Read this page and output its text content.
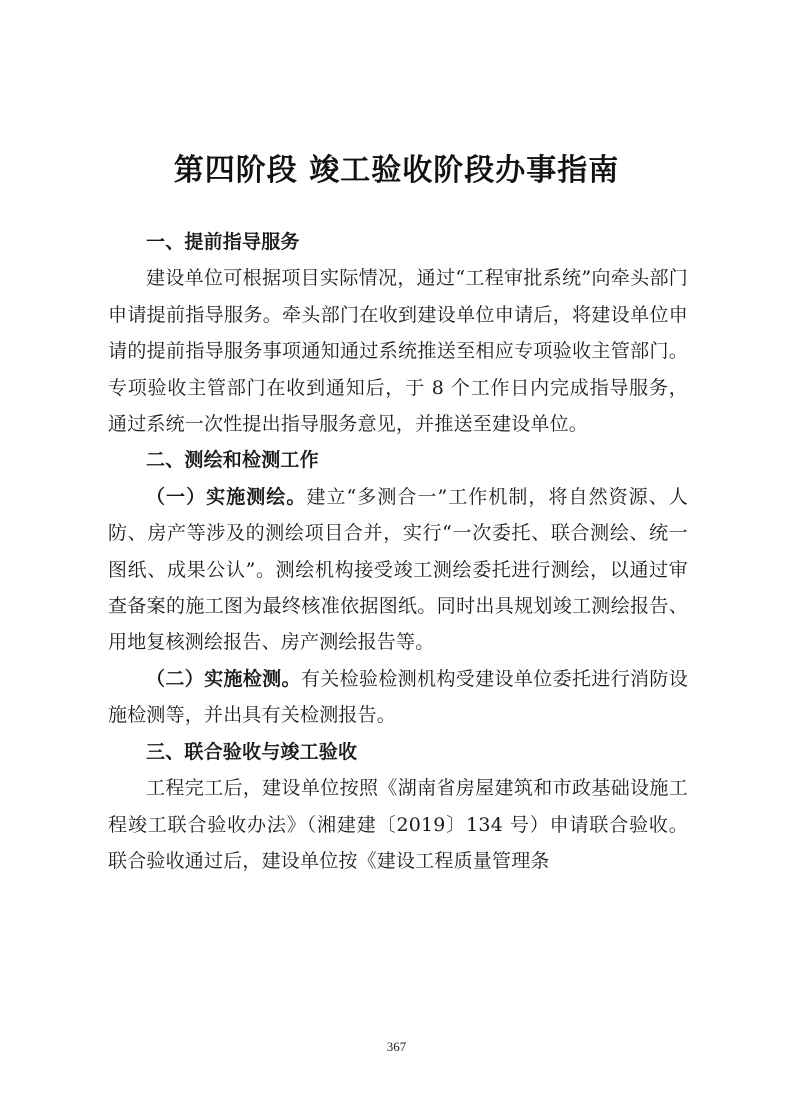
第四阶段 竣工验收阶段办事指南

一、提前指导服务

建设单位可根据项目实际情况，通过“工程审批系统”向牵头部门申请提前指导服务。牵头部门在收到建设单位申请后，将建设单位申请的提前指导服务事项通知通过系统推送至相应专项验收主管部门。专项验收主管部门在收到通知后，于 8 个工作日内完成指导服务，通过系统一次性提出指导服务意见，并推送至建设单位。

二、测绘和检测工作

（一）实施测绘。建立“多测合一”工作机制，将自然资源、人防、房产等涉及的测绘项目合并，实行“一次委托、联合测绘、统一图纸、成果公认”。测绘机构接受竣工测绘委托进行测绘，以通过审查备案的施工图为最终核准依据图纸。同时出具规划竣工测绘报告、用地复核测绘报告、房产测绘报告等。

（二）实施检测。有关检验检测机构受建设单位委托进行消防设施检测等，并出具有关检测报告。

三、联合验收与竣工验收

工程完工后，建设单位按照《湖南省房屋建筑和市政基础设施工程竣工联合验收办法》（湘建建〔2019〕134 号）申请联合验收。联合验收通过后，建设单位按《建设工程质量管理条

367
